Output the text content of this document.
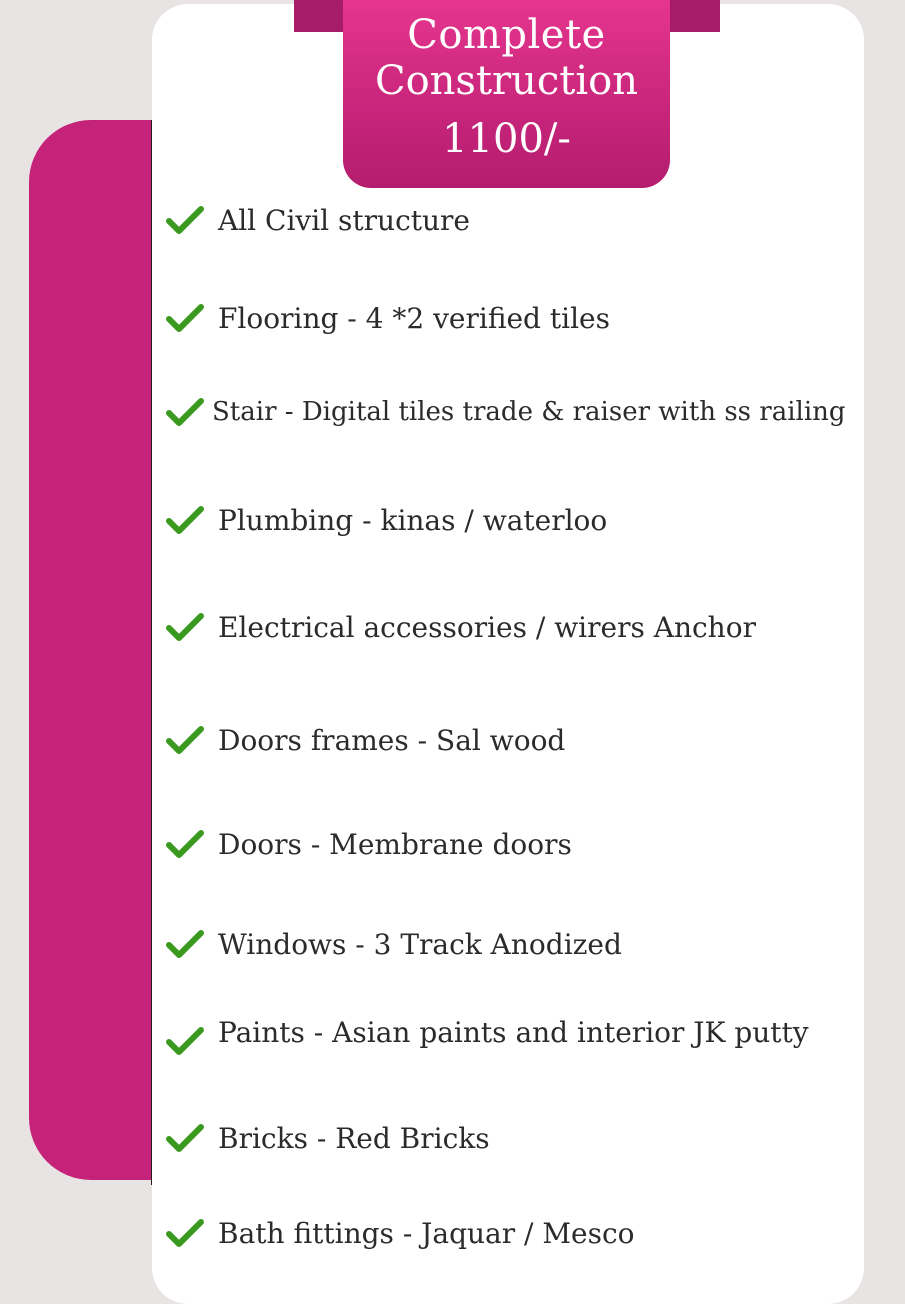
Complete
Construction
1100/-
All Civil structure
Flooring - 4 *2 verified tiles
Stair - Digital tiles trade & raiser with ss railing
Plumbing - kinas / waterloo
Electrical accessories / wirers Anchor
Doors frames - Sal wood
Doors - Membrane doors
Windows - 3 Track Anodized
Paints - Asian paints and interior JK putty
Bricks - Red Bricks
Bath fittings - Jaquar / Mesco
